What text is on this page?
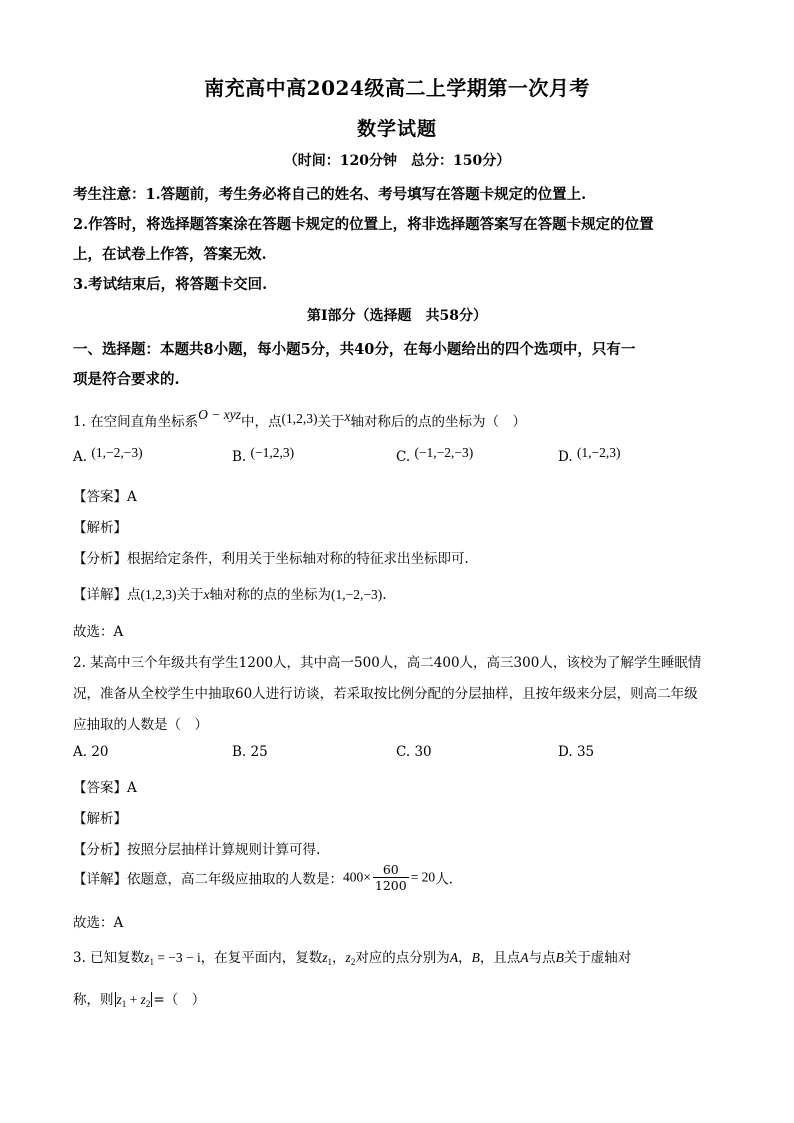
南充高中高2024级高二上学期第一次月考
数学试题
（时间：120分钟　总分：150分）
考生注意：1.答题前，考生务必将自己的姓名、考号填写在答题卡规定的位置上.
2.作答时，将选择题答案涂在答题卡规定的位置上，将非选择题答案写在答题卡规定的位置
上，在试卷上作答，答案无效.
3.考试结束后，将答题卡交回.
第I部分（选择题　共58分）
一、选择题：本题共8小题，每小题5分，共40分，在每小题给出的四个选项中，只有一
项是符合要求的.
1. 在空间直角坐标系O − xyz中，点(1,2,3)关于x轴对称后的点的坐标为（　）
A. (1,−2,−3)	B. (−1,2,3)	C. (−1,−2,−3)	D. (1,−2,3)
【答案】A
【解析】
【分析】根据给定条件，利用关于坐标轴对称的特征求出坐标即可.
【详解】点(1,2,3)关于x轴对称的点的坐标为(1,−2,−3).
故选：A
2. 某高中三个年级共有学生1200人，其中高一500人，高二400人，高三300人，该校为了解学生睡眠情
况，准备从全校学生中抽取60人进行访谈，若采取按比例分配的分层抽样，且按年级来分层，则高二年级
应抽取的人数是（　）
A. 20	B. 25	C. 30	D. 35
【答案】A
【解析】
【分析】按照分层抽样计算规则计算可得.
【详解】依题意，高二年级应抽取的人数是：$400\times \frac{60}{1200} = 20$人.
故选：A
3. 已知复数$z_1 = -3 - i$，在复平面内，复数$z_1$，$z_2$对应的点分别为A，B，且点A与点B关于虚轴对
称，则 $z_1 + z_2$ =（　）
